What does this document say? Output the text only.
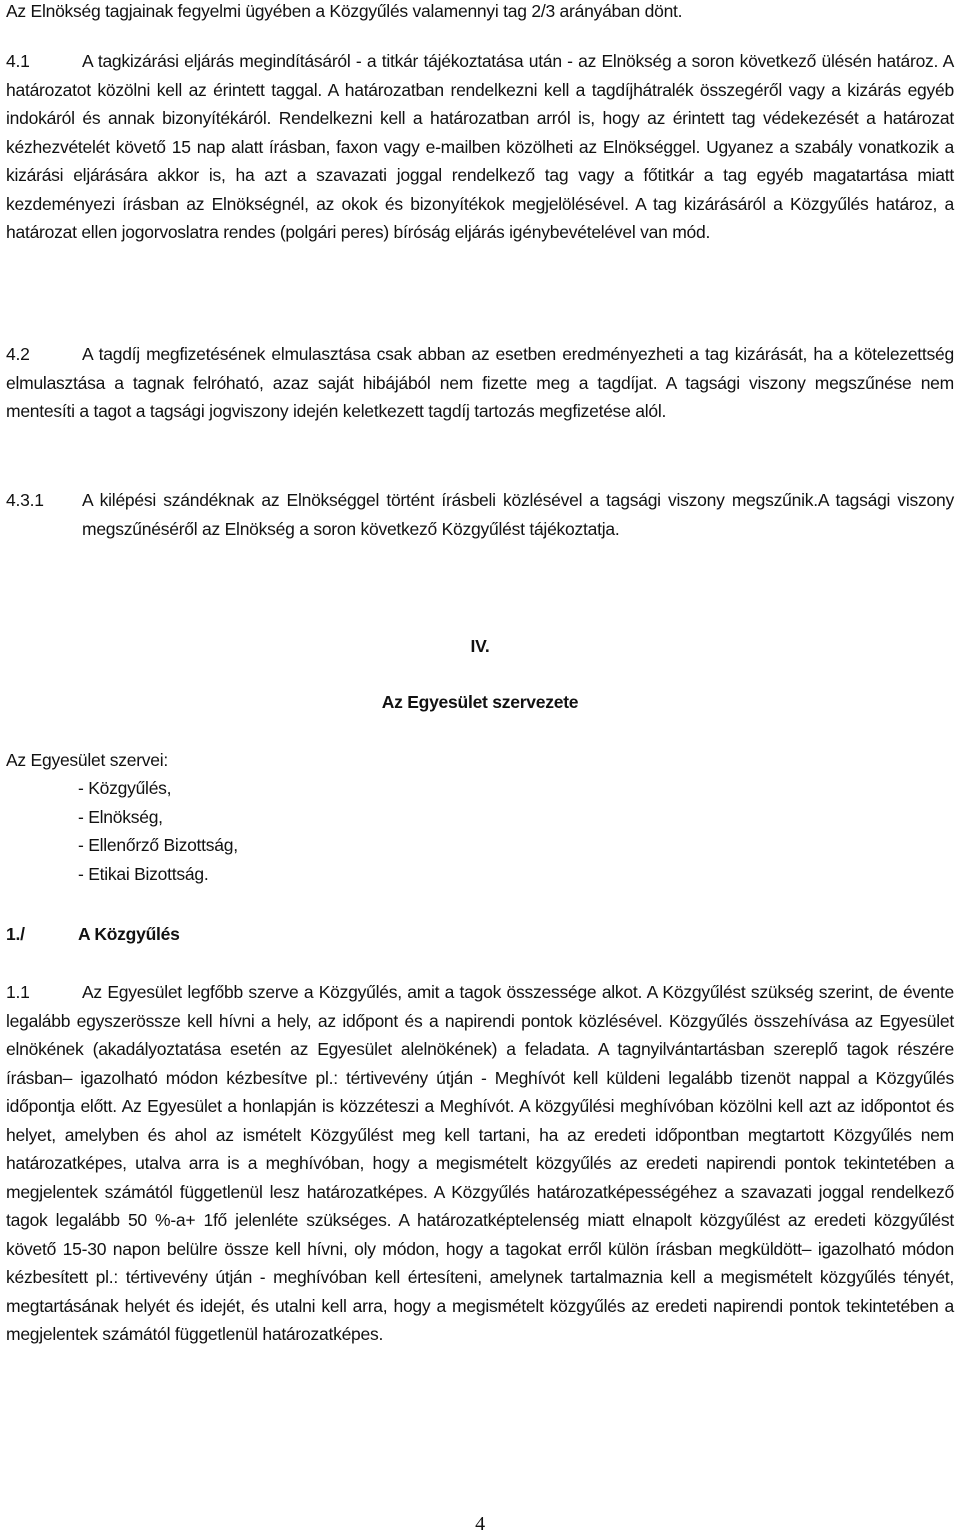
Az Elnökség tagjainak fegyelmi ügyében a Közgyűlés valamennyi tag 2/3 arányában dönt.

4.1	A tagkizárási eljárás megindításáról - a titkár tájékoztatása után - az Elnökség a soron következő ülésén határoz. A határozatot közölni kell az érintett taggal. A határozatban rendelkezni kell a tagdíjhátralék összegéről vagy a kizárás egyéb indokáról és annak bizonyítékáról. Rendelkezni kell a határozatban arról is, hogy az érintett tag védekezését a határozat kézhezvételét követő 15 nap alatt írásban, faxon vagy e-mailben közölheti az Elnökséggel. Ugyanez a szabály vonatkozik a kizárási eljárására akkor is, ha azt a szavazati joggal rendelkező tag vagy a főtitkár a tag egyéb magatartása miatt kezdeményezi írásban az Elnökségnél, az okok és bizonyítékok megjelölésével. A tag kizárásáról a Közgyűlés határoz, a határozat ellen jogorvoslatra rendes (polgári peres) bíróság eljárás igénybevételével van mód.

4.2	A tagdíj megfizetésének elmulasztása csak abban az esetben eredményezheti a tag kizárását, ha a kötelezettség elmulasztása a tagnak felróható, azaz saját hibájából nem fizette meg a tagdíjat. A tagsági viszony megszűnése nem mentesíti a tagot a tagsági jogviszony idején keletkezett tagdíj tartozás megfizetése alól.

4.3.1	A kilépési szándéknak az Elnökséggel történt írásbeli közlésével a tagsági viszony megszűnik.A tagsági viszony megszűnéséről az Elnökség a soron következő Közgyűlést tájékoztatja.
IV.
Az Egyesület szervezete
Az Egyesület szervei:
- Közgyűlés,
- Elnökség,
- Ellenőrző Bizottság,
- Etikai Bizottság.
1./	A Közgyűlés

1.1	Az Egyesület legfőbb szerve a Közgyűlés, amit a tagok összessége alkot. A Közgyűlést szükség szerint, de évente legalább egyszerösszе kell hívni a hely, az időpont és a napirendi pontok közlésével. Közgyűlés összehívása az Egyesület elnökének (akadályoztatása esetén az Egyesület alelnökének) a feladata. A tagnyilvántartásban szereplő tagok részére írásban– igazolható módon kézbesítve pl.: tértivevény útján - Meghívót kell küldeni legalább tizenöt nappal a Közgyűlés időpontja előtt. Az Egyesület a honlapján is közzéteszi a Meghívót. A közgyűlési meghívóban közölni kell azt az időpontot és helyet, amelyben és ahol az ismételt Közgyűlést meg kell tartani, ha az eredeti időpontban megtartott Közgyűlés nem határozatképes, utalva arra is a meghívóban, hogy a megismételt közgyűlés az eredeti napirendi pontok tekintetében a megjelentek számától függetlenül lesz határozatképes. A Közgyűlés határozatképességéhez a szavazati joggal rendelkező tagok legalább 50 %-a+ 1fő jelenléte szükséges. A határozatképtelenség miatt elnapolt közgyűlést az eredeti közgyűlést követő 15-30 napon belülre össze kell hívni, oly módon, hogy a tagokat erről külön írásban megküldött– igazolható módon kézbesített pl.: tértivevény útján - meghívóban kell értesíteni, amelynek tartalmaznia kell a megismételt közgyűlés tényét, megtartásának helyét és idejét, és utalni kell arra, hogy a megismételt közgyűlés az eredeti napirendi pontok tekintetében a megjelentek számától függetlenül határozatképes.

4
